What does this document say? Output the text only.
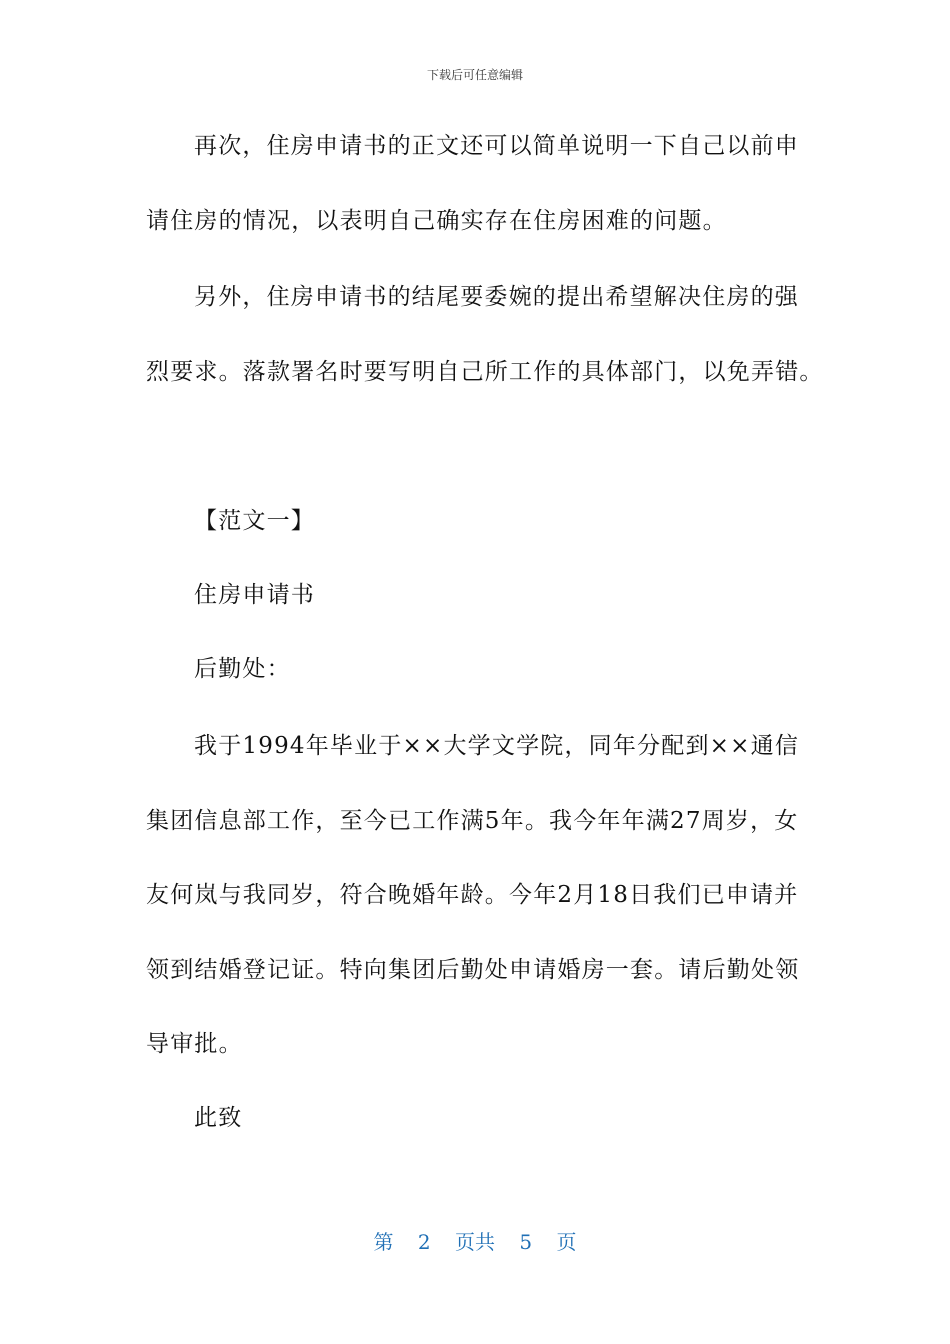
下载后可任意编辑
再次，住房申请书的正文还可以简单说明一下自己以前申
请住房的情况，以表明自己确实存在住房困难的问题。
另外，住房申请书的结尾要委婉的提出希望解决住房的强
烈要求。落款署名时要写明自己所工作的具体部门，以免弄错。
【范文一】
住房申请书
后勤处：
我于1994年毕业于××大学文学院，同年分配到××通信
集团信息部工作，至今已工作满5年。我今年年满27周岁，女
友何岚与我同岁，符合晚婚年龄。今年2月18日我们已申请并
领到结婚登记证。特向集团后勤处申请婚房一套。请后勤处领
导审批。
此致
第 2 页共 5 页
